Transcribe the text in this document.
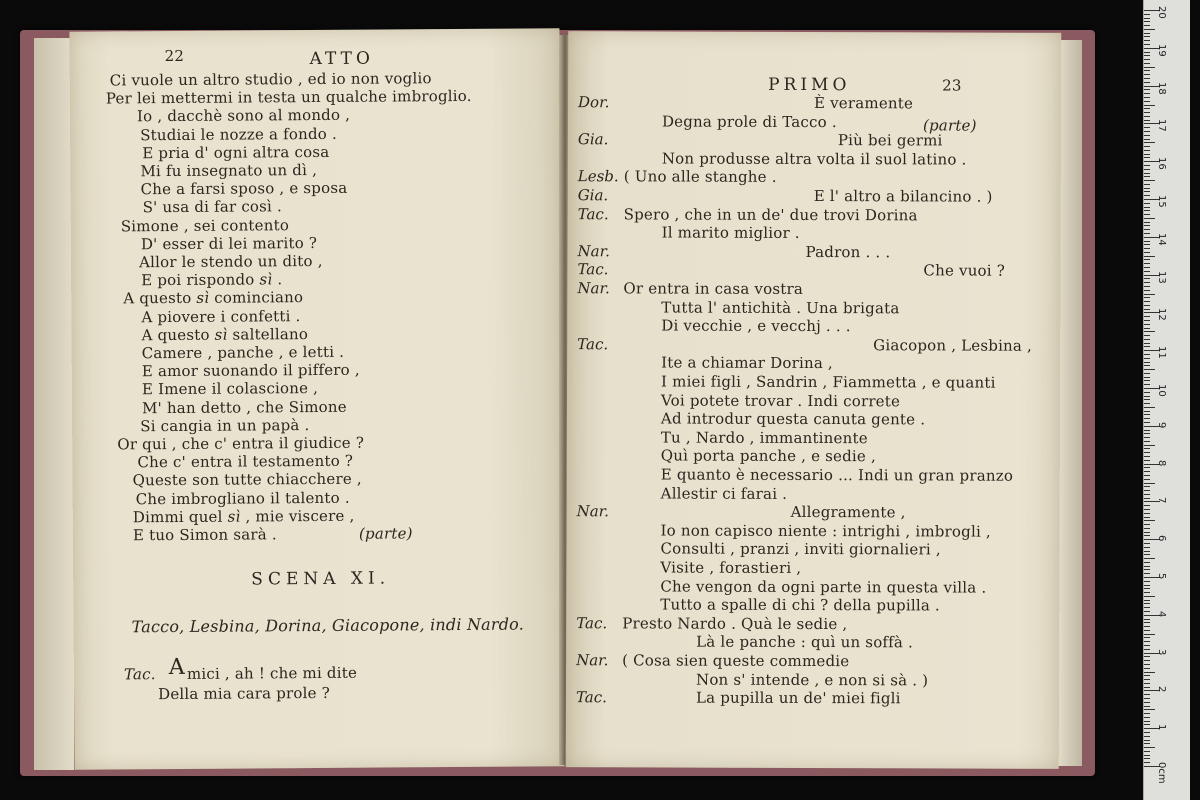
22	ATTO
Ci vuole un altro studio , ed io non voglio
Per lei mettermi in testa un qualche imbroglio.
Io , dacchè sono al mondo ,
Studiai le nozze a fondo .
E pria d' ogni altra cosa
Mi fu insegnato un dì ,
Che a farsi sposo , e sposa
S' usa di far così .
Simone , sei contento
D' esser di lei marito ?
Allor le stendo un dito ,
E poi rispondo sì .
A questo sì cominciano
A piovere i confetti .
A questo sì saltellano
Camere , panche , e letti .
E amor suonando il piffero ,
E Imene il colascione ,
M' han detto , che Simone
Si cangia in un papà .
Or qui , che c' entra il giudice ?
Che c' entra il testamento ?
Queste son tutte chiacchere ,
Che imbrogliano il talento .
Dimmi quel sì , mie viscere ,
E tuo Simon sarà .	(parte)
SCENA XI.
Tacco, Lesbina, Dorina, Giacopone, indi Nardo.
Tac. A mici , ah ! che mi dite
Della mia cara prole ?
PRIMO	23
Dor.	È veramente
Degna prole di Tacco .
Gia.	Più bei germi
Non produsse altra volta il suol latino .
Lesb. ( Uno alle stanghe .
Gia.	E l' altro a bilancino . )
Tac. Spero , che in un de' due trovi Dorina
Il marito miglior .
Nar.	Padron . . .
Tac.	Che vuoi ?
Nar. Or entra in casa vostra
Tutta l' antichità . Una brigata
Di vecchie , e vecchj . . .
Tac.	Giacopon , Lesbina ,
Ite a chiamar Dorina ,
I miei figli , Sandrin , Fiammetta , e quanti
Voi potete trovar . Indi correte
Ad introdur questa canuta gente .
Tu , Nardo , immantinente
Quì porta panche , e sedie ,
E quanto è necessario ... Indi un gran pranzo
Allestir ci farai .
Nar.	Allegramente ,
Io non capisco niente : intrighi , imbrogli ,
Consulti , pranzi , inviti giornalieri ,
Visite , forastieri ,
Che vengon da ogni parte in questa villa .
Tutto a spalle di chi ? della pupilla .
Tac. Presto Nardo . Quà le sedie ,
Là le panche : quì un soffà .
Nar. ( Cosa sien queste commedie
Non s' intende , e non si sà . )
Tac.	La pupilla un de' miei figli
(parte)
20
19
18
17
16
15
14
13
12
11
10
9
8
7
6
5
4
3
2
1
0cm
